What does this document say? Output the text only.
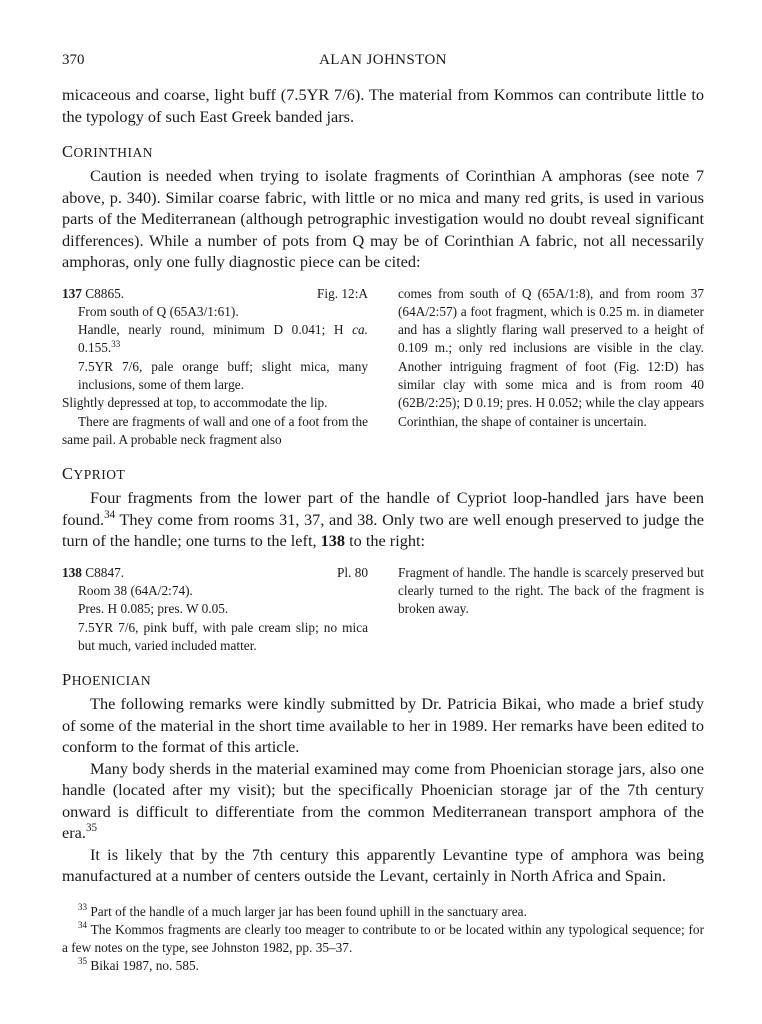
370	ALAN JOHNSTON

micaceous and coarse, light buff (7.5YR 7/6). The material from Kommos can contribute little to the typology of such East Greek banded jars.

CORINTHIAN

Caution is needed when trying to isolate fragments of Corinthian A amphoras (see note 7 above, p. 340). Similar coarse fabric, with little or no mica and many red grits, is used in various parts of the Mediterranean (although petrographic investigation would no doubt reveal significant differences). While a number of pots from Q may be of Corinthian A fabric, not all necessarily amphoras, only one fully diagnostic piece can be cited:

137 C8865.	Fig. 12:A

From south of Q (65A3/1:61).

Handle, nearly round, minimum D 0.041; H ca. 0.155.33

7.5YR 7/6, pale orange buff; slight mica, many inclusions, some of them large.

Slightly depressed at top, to accommodate the lip.

There are fragments of wall and one of a foot from the same pail. A probable neck fragment also

comes from south of Q (65A/1:8), and from room 37 (64A/2:57) a foot fragment, which is 0.25 m. in diameter and has a slightly flaring wall preserved to a height of 0.109 m.; only red inclusions are visible in the clay. Another intriguing fragment of foot (Fig. 12:D) has similar clay with some mica and is from room 40 (62B/2:25); D 0.19; pres. H 0.052; while the clay appears Corinthian, the shape of container is uncertain.

CYPRIOT

Four fragments from the lower part of the handle of Cypriot loop-handled jars have been found.$^{34}$ They come from rooms 31, 37, and 38. Only two are well enough preserved to judge the turn of the handle; one turns to the left, 138 to the right:

138 C8847.	Pl. 80

Room 38 (64A/2:74).

Pres. H 0.085; pres. W 0.05.

7.5YR 7/6, pink buff, with pale cream slip; no mica but much, varied included matter.

Fragment of handle. The handle is scarcely preserved but clearly turned to the right. The back of the fragment is broken away.

PHOENICIAN

The following remarks were kindly submitted by Dr. Patricia Bikai, who made a brief study of some of the material in the short time available to her in 1989. Her remarks have been edited to conform to the format of this article.

Many body sherds in the material examined may come from Phoenician storage jars, also one handle (located after my visit); but the specifically Phoenician storage jar of the 7th century onward is difficult to differentiate from the common Mediterranean transport amphora of the era.$^{35}$

It is likely that by the 7th century this apparently Levantine type of amphora was being manufactured at a number of centers outside the Levant, certainly in North Africa and Spain.

$^{33}$ Part of the handle of a much larger jar has been found uphill in the sanctuary area.

$^{34}$ The Kommos fragments are clearly too meager to contribute to or be located within any typological sequence; for a few notes on the type, see Johnston 1982, pp. 35–37.

$^{35}$ Bikai 1987, no. 585.
